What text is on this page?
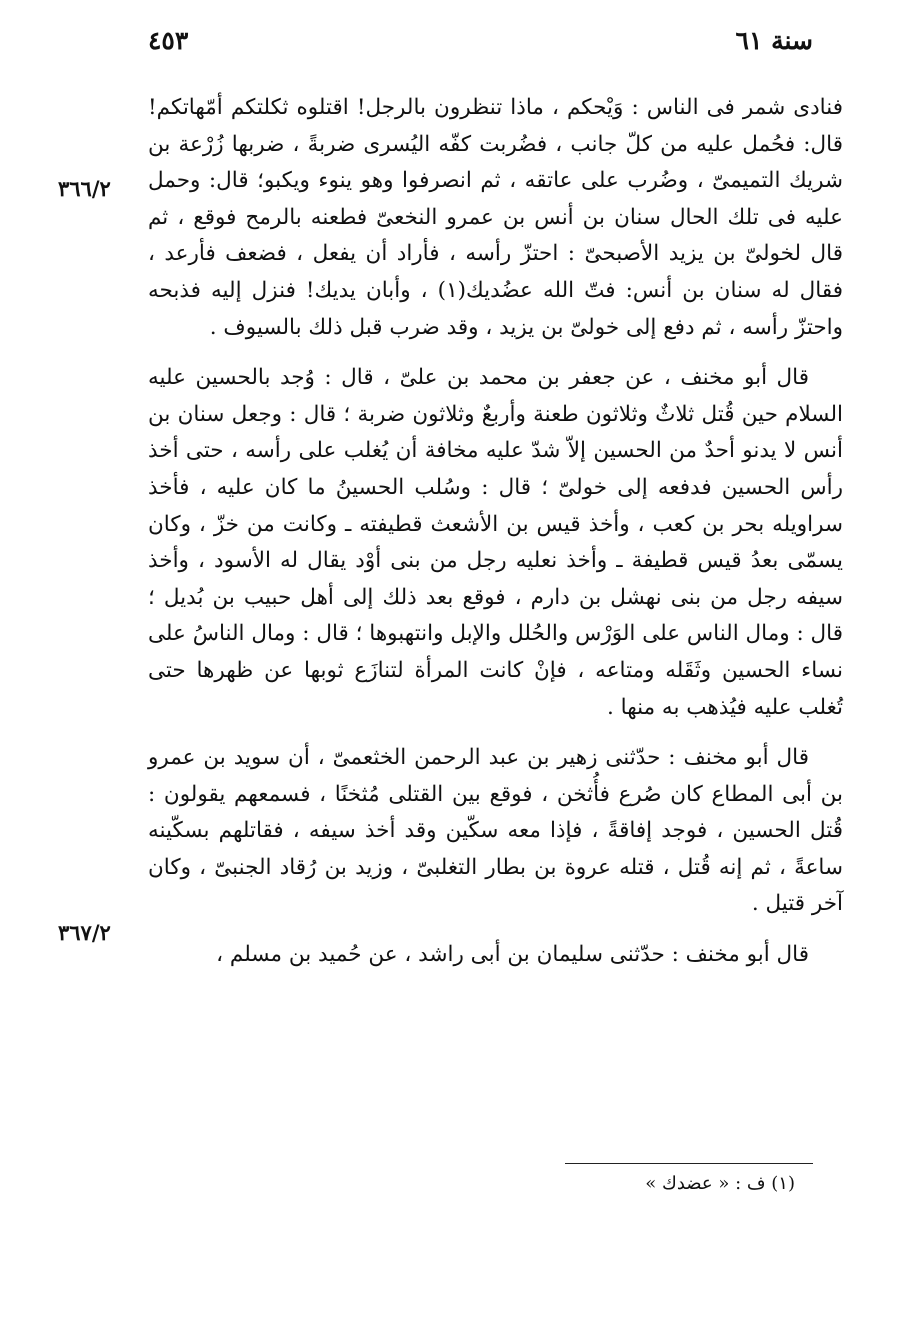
٤٥٣	سنة ٦١
٣٦٦/٢
٣٦٧/٢

فنادى شمر فى الناس : وَيْحكم ، ماذا تنظرون بالرجل! اقتلوه ثكلتكم أمّهاتكم! قال: فحُمل عليه من كلّ جانب ، فضُربت كفّه اليُسرى ضربةً ، ضربها زُرْعة بن شريك التميمىّ ، وضُرب على عاتقه ، ثم انصرفوا وهو ينوء ويكبو؛ قال: وحمل عليه فى تلك الحال سنان بن أنس بن عمرو النخعىّ فطعنه بالرمح فوقع ، ثم قال لخولىّ بن يزيد الأصبحىّ : احتزّ رأسه ، فأراد أن يفعل ، فضعف فأرعد ، فقال له سنان بن أنس: فتّ الله عضُديك(١) ، وأبان يديك! فنزل إليه فذبحه واحتزّ رأسه ، ثم دفع إلى خولىّ بن يزيد ، وقد ضرب قبل ذلك بالسيوف .

قال أبو مخنف ، عن جعفر بن محمد بن علىّ ، قال : وُجد بالحسين عليه السلام حين قُتل ثلاثٌ وثلاثون طعنة وأربعٌ وثلاثون ضربة ؛ قال : وجعل سنان بن أنس لا يدنو أحدٌ من الحسين إلاّ شدّ عليه مخافة أن يُغلب على رأسه ، حتى أخذ رأس الحسين فدفعه إلى خولىّ ؛ قال : وسُلب الحسينُ ما كان عليه ، فأخذ سراويله بحر بن كعب ، وأخذ قيس بن الأشعث قطيفته ـ وكانت من خزّ ، وكان يسمّى بعدُ قيس قطيفة ـ وأخذ نعليه رجل من بنى أوْد يقال له الأسود ، وأخذ سيفه رجل من بنى نهشل بن دارم ، فوقع بعد ذلك إلى أهل حبيب بن بُديل ؛ قال : ومال الناس على الوَرْس والحُلل والإبل وانتهبوها ؛ قال : ومال الناسُ على نساء الحسين وثَقَله ومتاعه ، فإنْ كانت المرأة لتنازَع ثوبها عن ظهرها حتى تُغلب عليه فيُذهب به منها .

قال أبو مخنف : حدّثنى زهير بن عبد الرحمن الخثعمىّ ، أن سويد بن عمرو بن أبى المطاع كان صُرع فأُثخن ، فوقع بين القتلى مُثخنًا ، فسمعهم يقولون : قُتل الحسين ، فوجد إفاقةً ، فإذا معه سكّين وقد أخذ سيفه ، فقاتلهم بسكّينه ساعةً ، ثم إنه قُتل ، قتله عروة بن بطار التغلبىّ ، وزيد بن رُقاد الجنبىّ ، وكان آخر قتيل .

قال أبو مخنف : حدّثنى سليمان بن أبى راشد ، عن حُميد بن مسلم ،

(١) ف : « عضدك »
